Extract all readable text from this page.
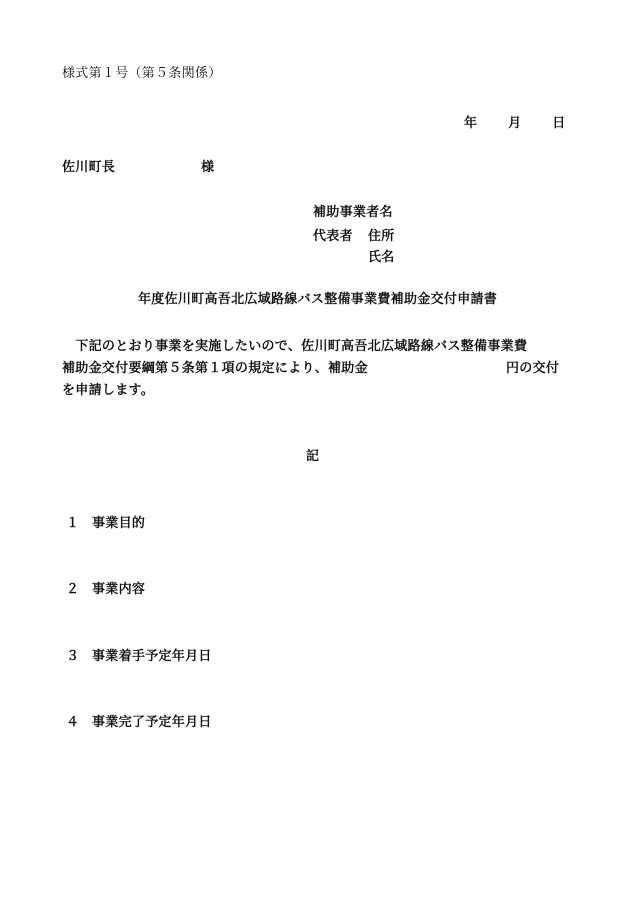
様式第１号（第５条関係）
年 月 日
佐川町長	様
補助事業者名
代表者 住所
氏名
年度佐川町高吾北広域路線バス整備事業費補助金交付申請書
　下記のとおり事業を実施したいので、佐川町高吾北広域路線バス整備事業費
補助金交付要綱第５条第１項の規定により、補助金	円の交付
を申請します。
記
１ 事業目的
２ 事業内容
３ 事業着手予定年月日
４ 事業完了予定年月日
